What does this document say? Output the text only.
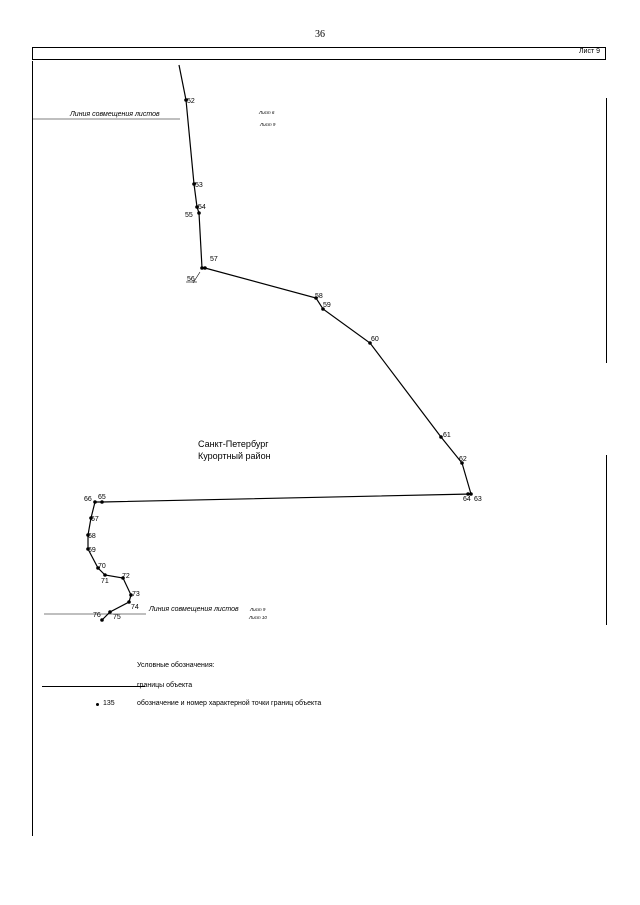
36
Лист 9
Линия совмещения листов	Лист 6
Лист 9
Линия совмещения листов	Лист 9
Лист 10
52
53
54
55
56
57
58
59
60
61
62
63
64
65
66
67
68
69
70
71
72
73
74
75
76
Санкт-Петербург
Курортный район
Условные обозначения:
границы объекта
135	обозначение и номер характерной точки границ объекта
